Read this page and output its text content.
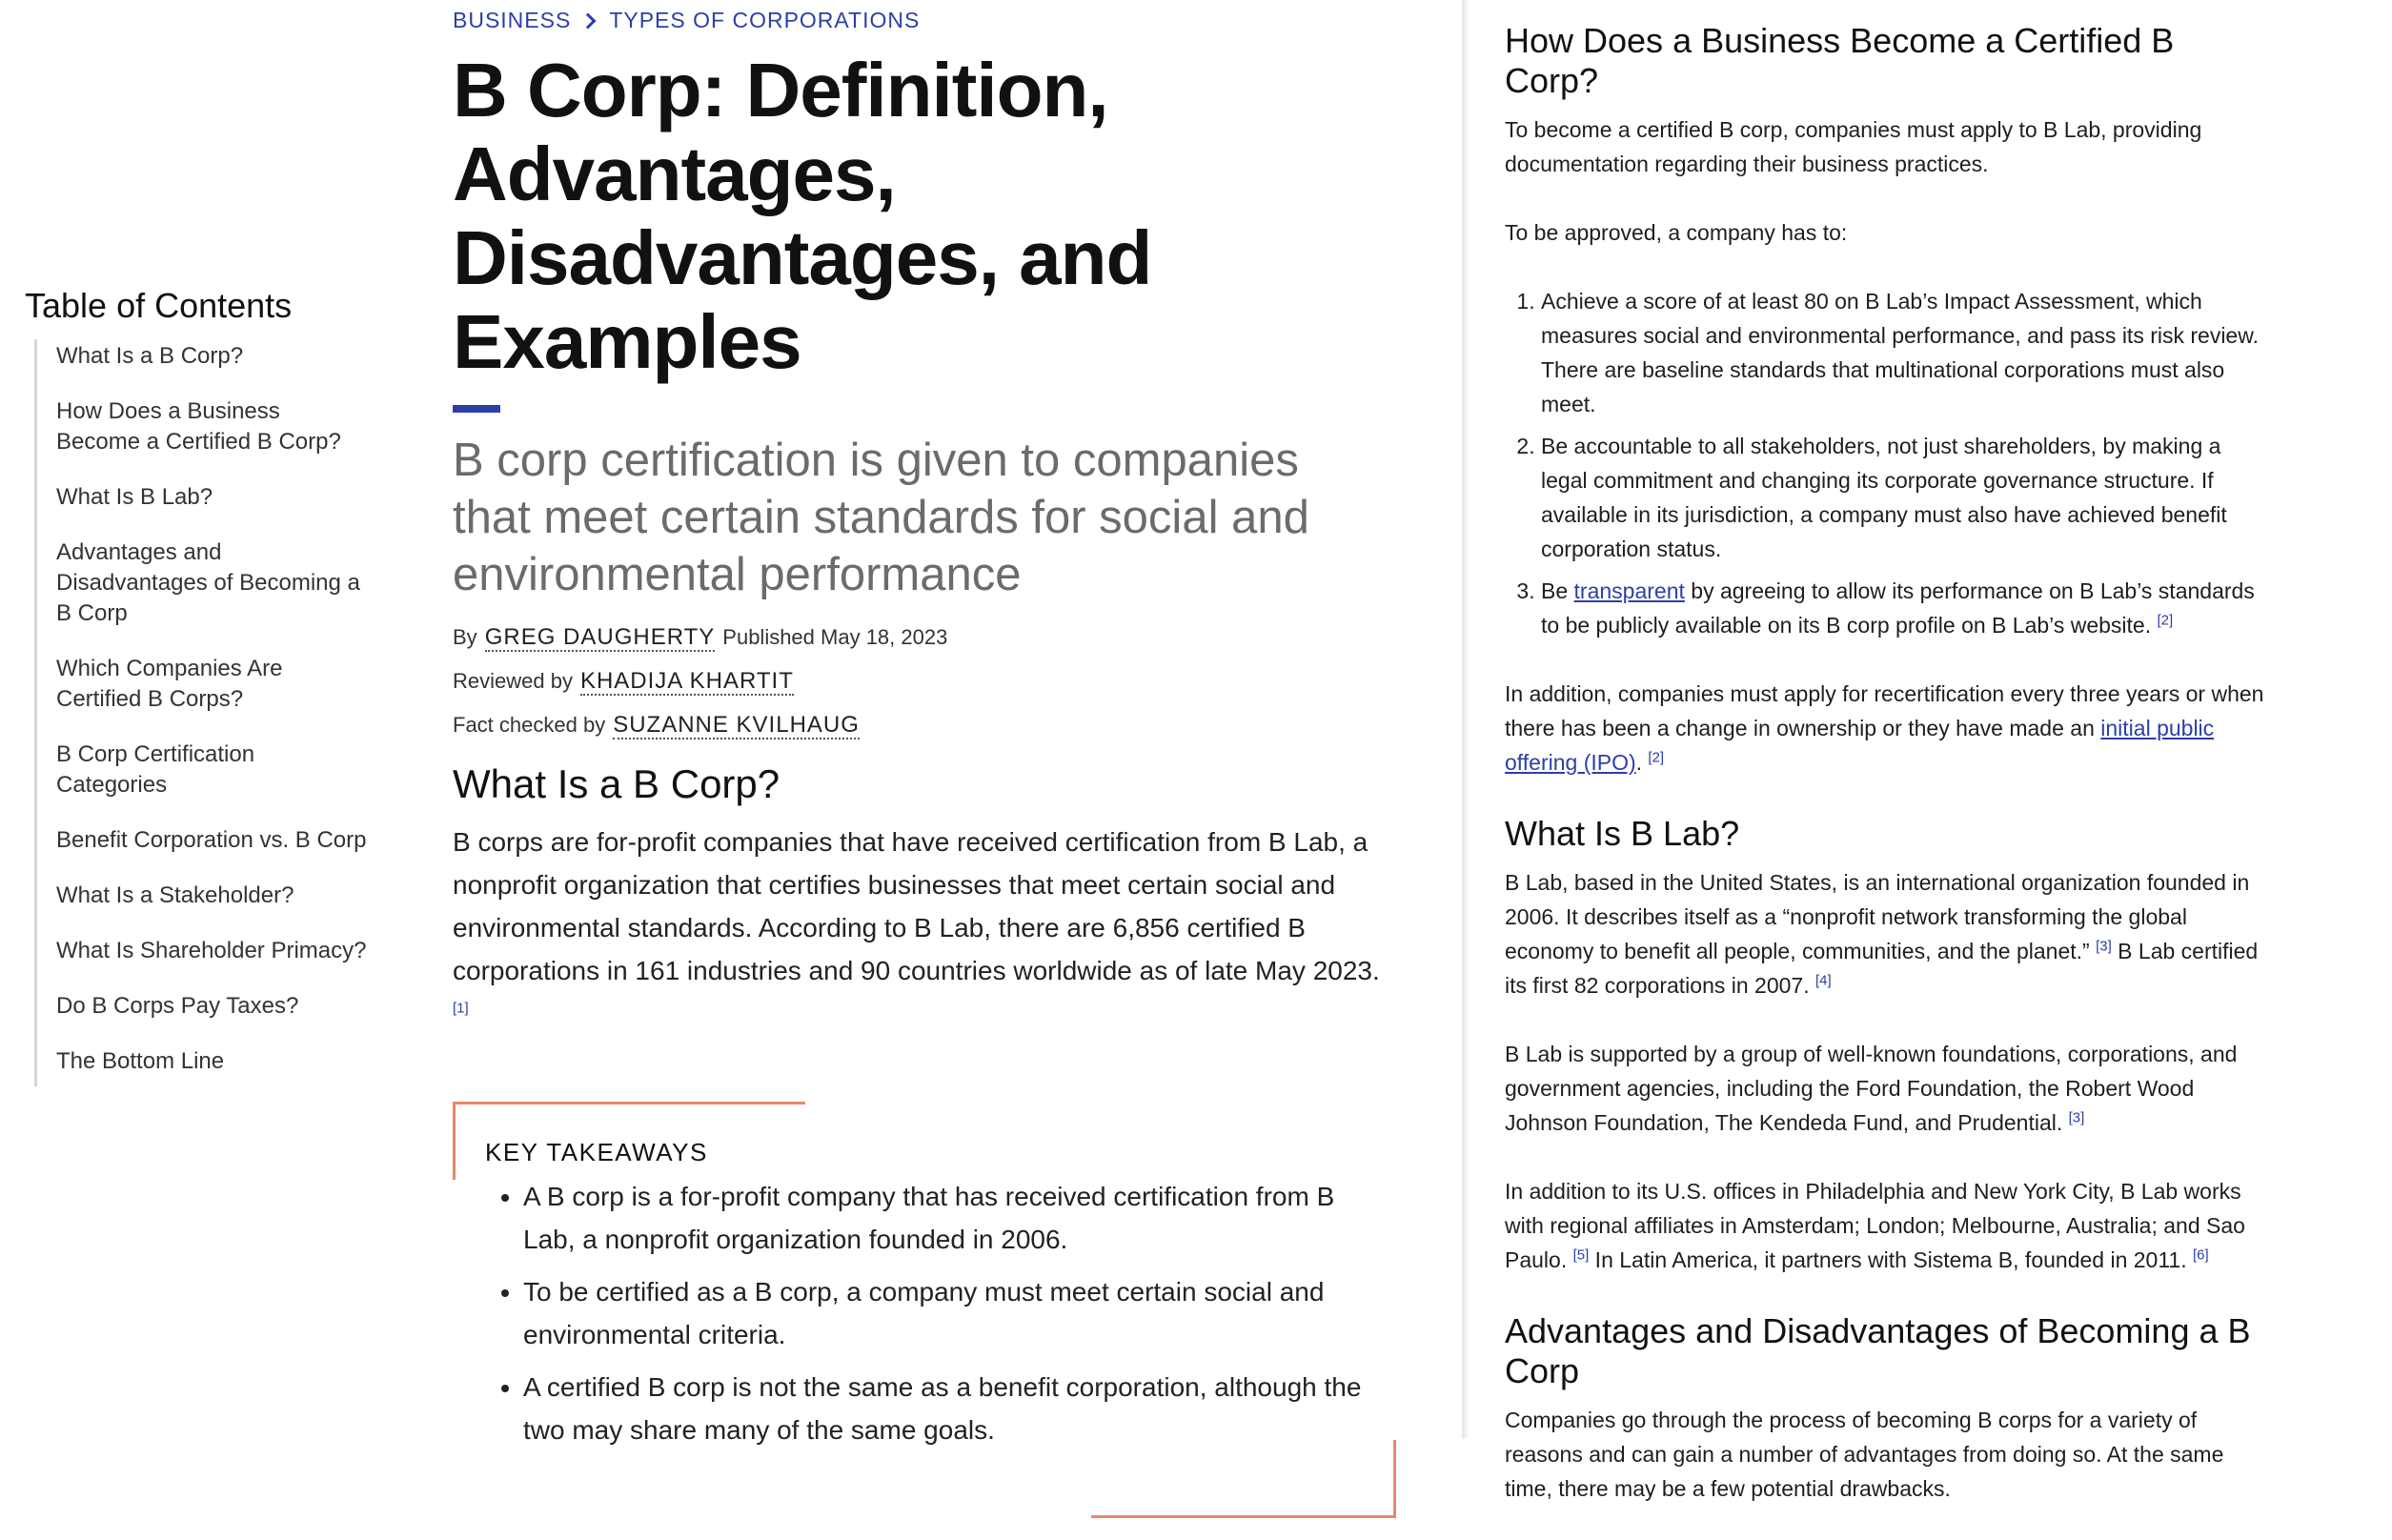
Table of Contents
What Is a B Corp?
How Does a Business Become a Certified B Corp?
What Is B Lab?
Advantages and Disadvantages of Becoming a B Corp
Which Companies Are Certified B Corps?
B Corp Certification Categories
Benefit Corporation vs. B Corp
What Is a Stakeholder?
What Is Shareholder Primacy?
Do B Corps Pay Taxes?
The Bottom Line
BUSINESS TYPES OF CORPORATIONS
B Corp: Definition, Advantages, Disadvantages, and Examples

B corp certification is given to companies that meet certain standards for social and environmental performance

By GREG DAUGHERTY Published May 18, 2023
Reviewed by KHADIJA KHARTIT
Fact checked by SUZANNE KVILHAUG
What Is a B Corp?

B corps are for-profit companies that have received certification from B Lab, a nonprofit organization that certifies businesses that meet certain social and environmental standards. According to B Lab, there are 6,856 certified B corporations in 161 industries and 90 countries worldwide as of late May 2023. [1]

KEY TAKEAWAYS
• A B corp is a for-profit company that has received certification from B Lab, a nonprofit organization founded in 2006.
• To be certified as a B corp, a company must meet certain social and environmental criteria.
• A certified B corp is not the same as a benefit corporation, although the two may share many of the same goals.
How Does a Business Become a Certified B Corp?

To become a certified B corp, companies must apply to B Lab, providing documentation regarding their business practices.

To be approved, a company has to:

1. Achieve a score of at least 80 on B Lab’s Impact Assessment, which measures social and environmental performance, and pass its risk review. There are baseline standards that multinational corporations must also meet.
2. Be accountable to all stakeholders, not just shareholders, by making a legal commitment and changing its corporate governance structure. If available in its jurisdiction, a company must also have achieved benefit corporation status.
3. Be transparent by agreeing to allow its performance on B Lab’s standards to be publicly available on its B corp profile on B Lab’s website. [2]

In addition, companies must apply for recertification every three years or when there has been a change in ownership or they have made an initial public offering (IPO). [2]

What Is B Lab?

B Lab, based in the United States, is an international organization founded in 2006. It describes itself as a “nonprofit network transforming the global economy to benefit all people, communities, and the planet.” [3] B Lab certified its first 82 corporations in 2007. [4]

B Lab is supported by a group of well-known foundations, corporations, and government agencies, including the Ford Foundation, the Robert Wood Johnson Foundation, The Kendeda Fund, and Prudential. [3]

In addition to its U.S. offices in Philadelphia and New York City, B Lab works with regional affiliates in Amsterdam; London; Melbourne, Australia; and Sao Paulo. [5] In Latin America, it partners with Sistema B, founded in 2011. [6]

Advantages and Disadvantages of Becoming a B Corp

Companies go through the process of becoming B corps for a variety of reasons and can gain a number of advantages from doing so. At the same time, there may be a few potential drawbacks.
